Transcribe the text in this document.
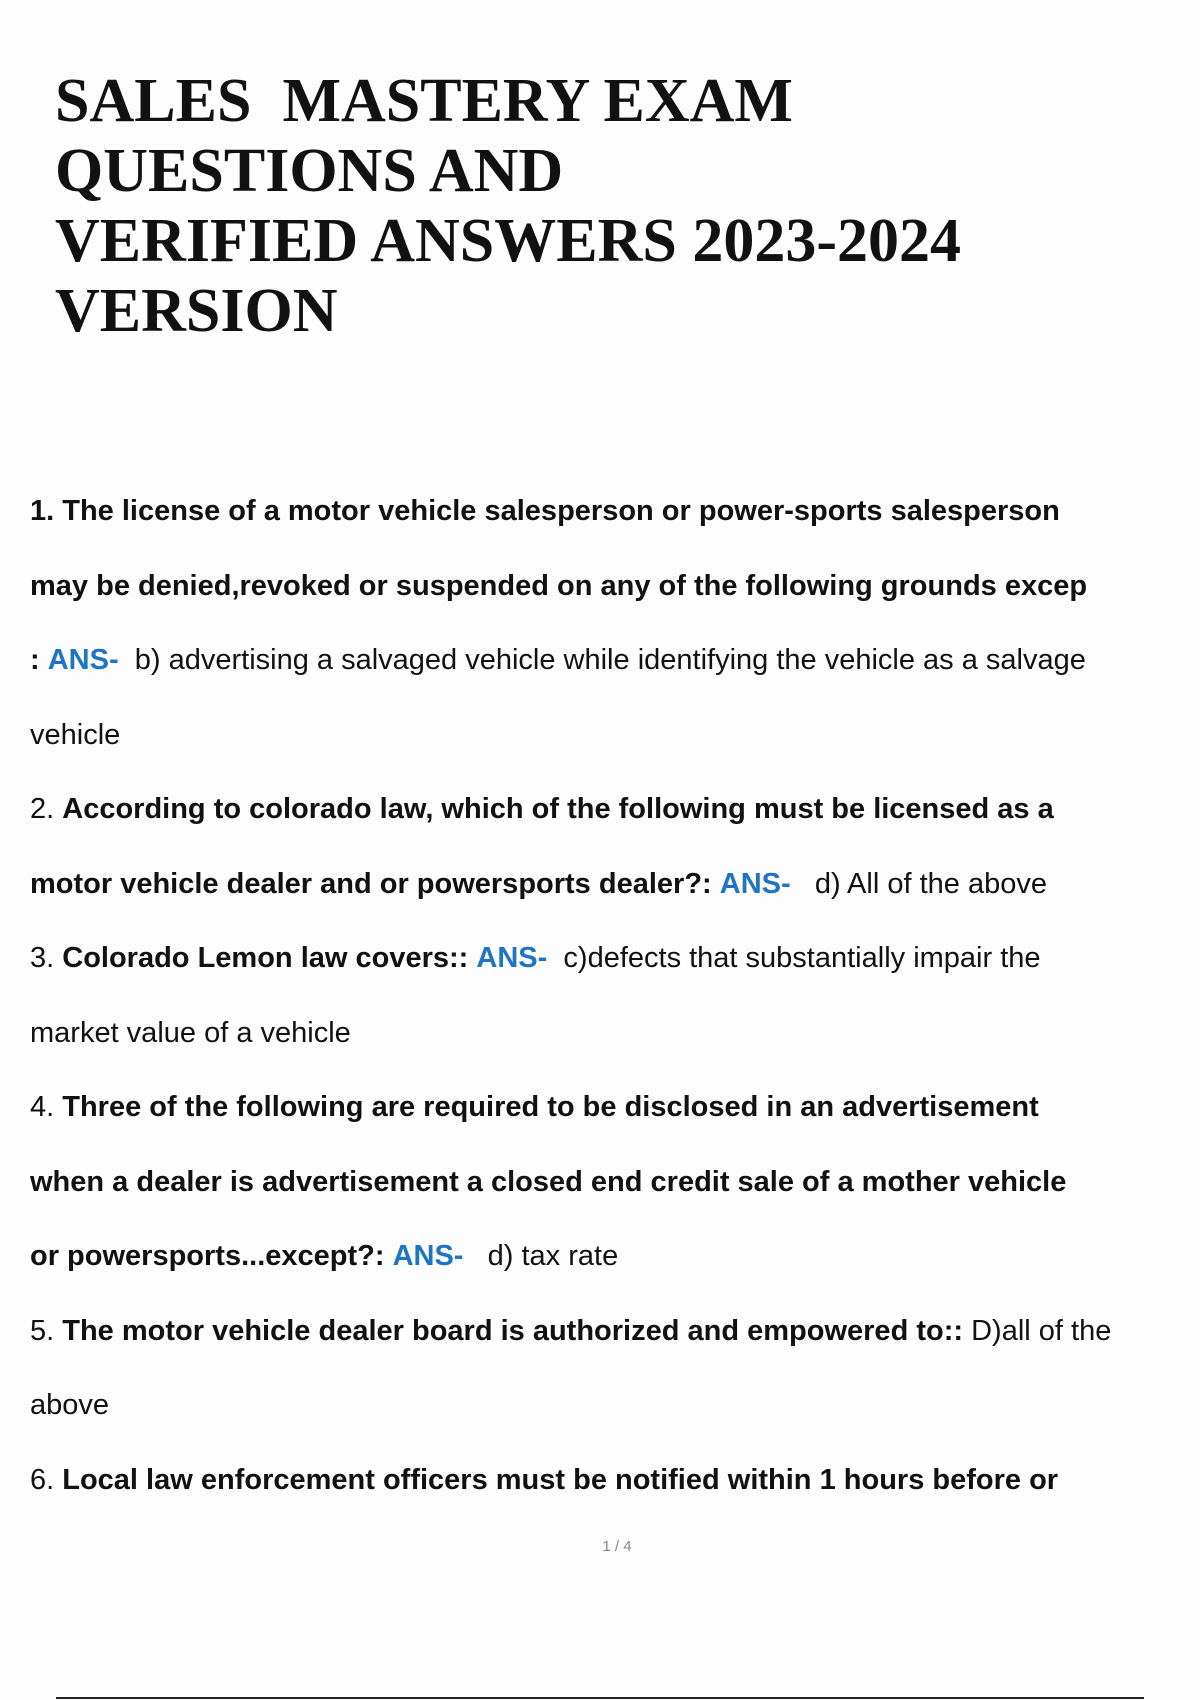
SALES  MASTERY EXAM
QUESTIONS AND
VERIFIED ANSWERS 2023-2024
VERSION
1. The license of a motor vehicle salesperson or power-sports salesperson
may be denied,revoked or suspended on any of the following grounds excep
: ANS- b) advertising a salvaged vehicle while identifying the vehicle as a salvage
vehicle
2. According to colorado law, which of the following must be licensed as a
motor vehicle dealer and or powersports dealer?: ANS- d) All of the above
3. Colorado Lemon law covers:: ANS- c)defects that substantially impair the
market value of a vehicle
4. Three of the following are required to be disclosed in an advertisement
when a dealer is advertisement a closed end credit sale of a mother vehicle
or powersports...except?: ANS- d) tax rate
5. The motor vehicle dealer board is authorized and empowered to:: D)all of the
above
6. Local law enforcement officers must be notified within 1 hours before or
1 / 4
